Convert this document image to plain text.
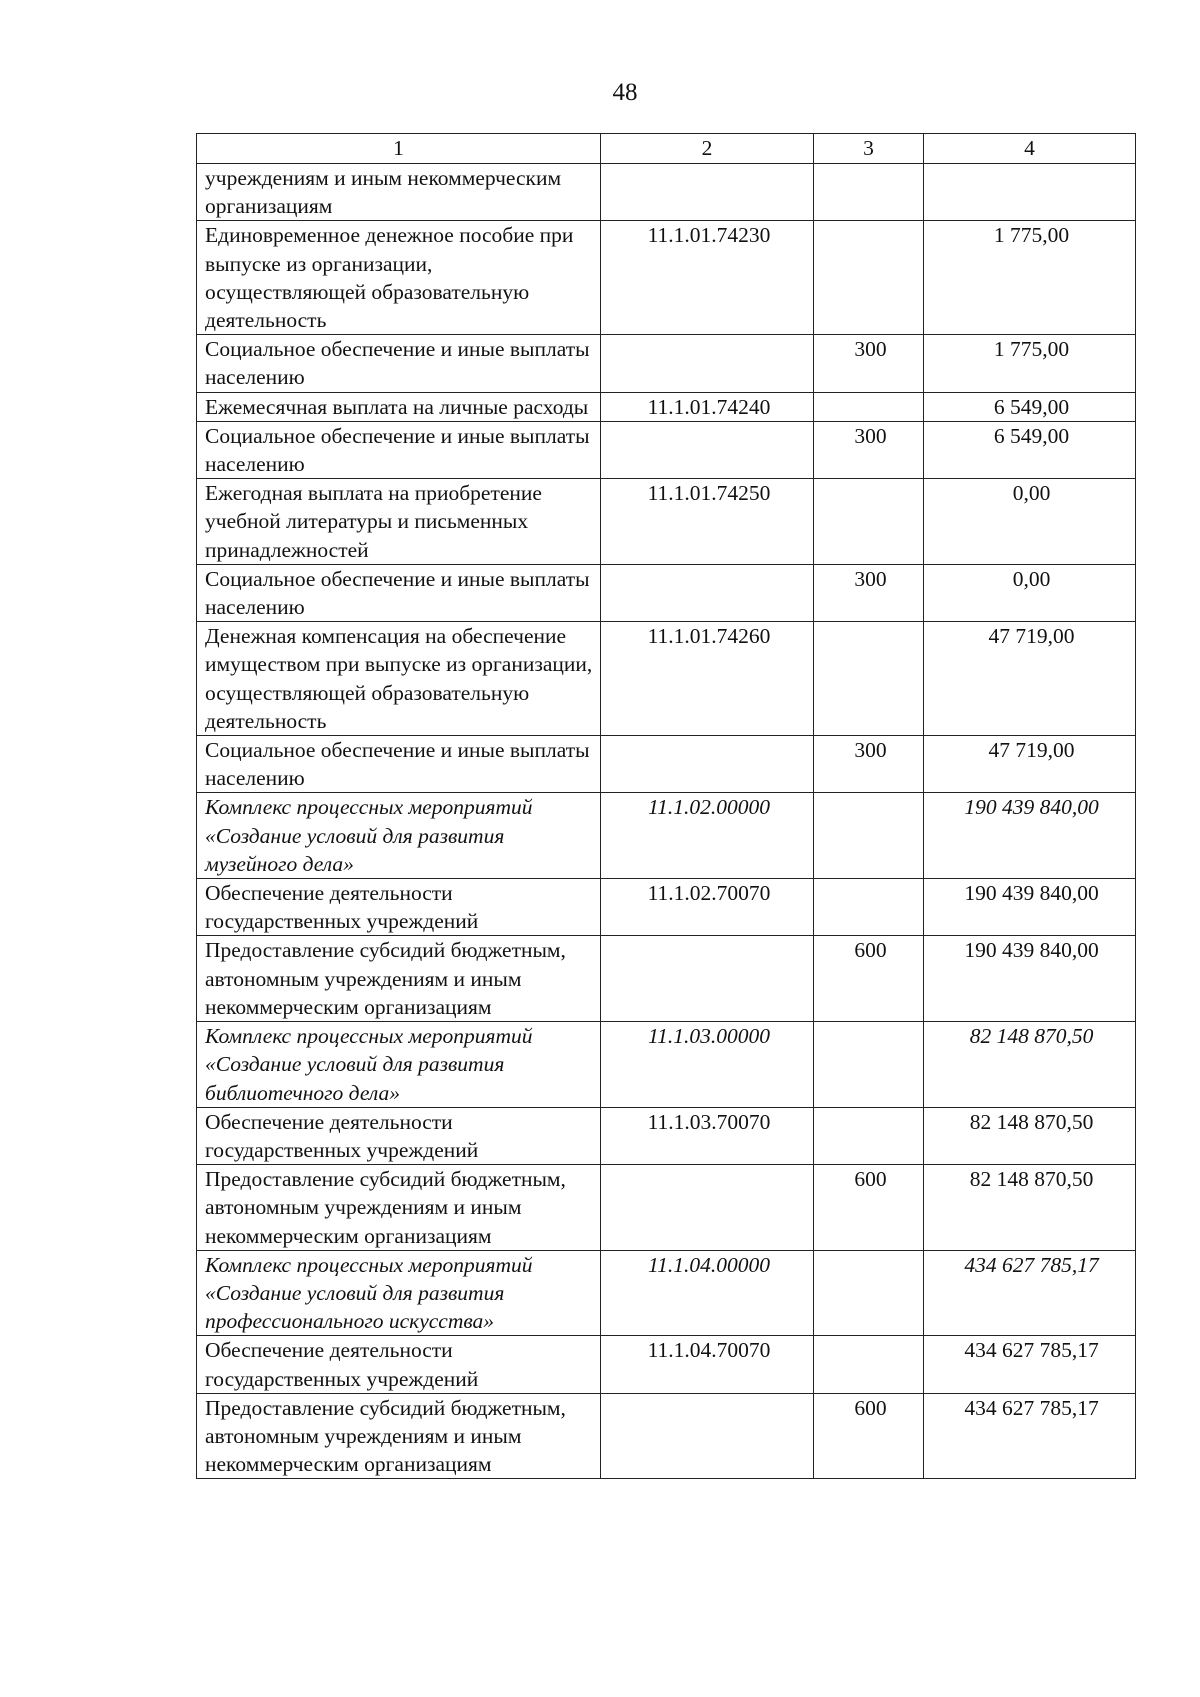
48
1	2	3	4
учреждениям и иным некоммерческим организациям			
Единовременное денежное пособие при выпуске из организации, осуществляющей образовательную деятельность	11.1.01.74230		1 775,00
Социальное обеспечение и иные выплаты населению		300	1 775,00
Ежемесячная выплата на личные расходы	11.1.01.74240		6 549,00
Социальное обеспечение и иные выплаты населению		300	6 549,00
Ежегодная выплата на приобретение учебной литературы и письменных принадлежностей	11.1.01.74250		0,00
Социальное обеспечение и иные выплаты населению		300	0,00
Денежная компенсация на обеспечение имуществом при выпуске из организации, осуществляющей образовательную деятельность	11.1.01.74260		47 719,00
Социальное обеспечение и иные выплаты населению		300	47 719,00
Комплекс процессных мероприятий «Создание условий для развития музейного дела»	11.1.02.00000		190 439 840,00
Обеспечение деятельности государственных учреждений	11.1.02.70070		190 439 840,00
Предоставление субсидий бюджетным, автономным учреждениям и иным некоммерческим организациям		600	190 439 840,00
Комплекс процессных мероприятий «Создание условий для развития библиотечного дела»	11.1.03.00000		82 148 870,50
Обеспечение деятельности государственных учреждений	11.1.03.70070		82 148 870,50
Предоставление субсидий бюджетным, автономным учреждениям и иным некоммерческим организациям		600	82 148 870,50
Комплекс процессных мероприятий «Создание условий для развития профессионального искусства»	11.1.04.00000		434 627 785,17
Обеспечение деятельности государственных учреждений	11.1.04.70070		434 627 785,17
Предоставление субсидий бюджетным, автономным учреждениям и иным некоммерческим организациям		600	434 627 785,17
